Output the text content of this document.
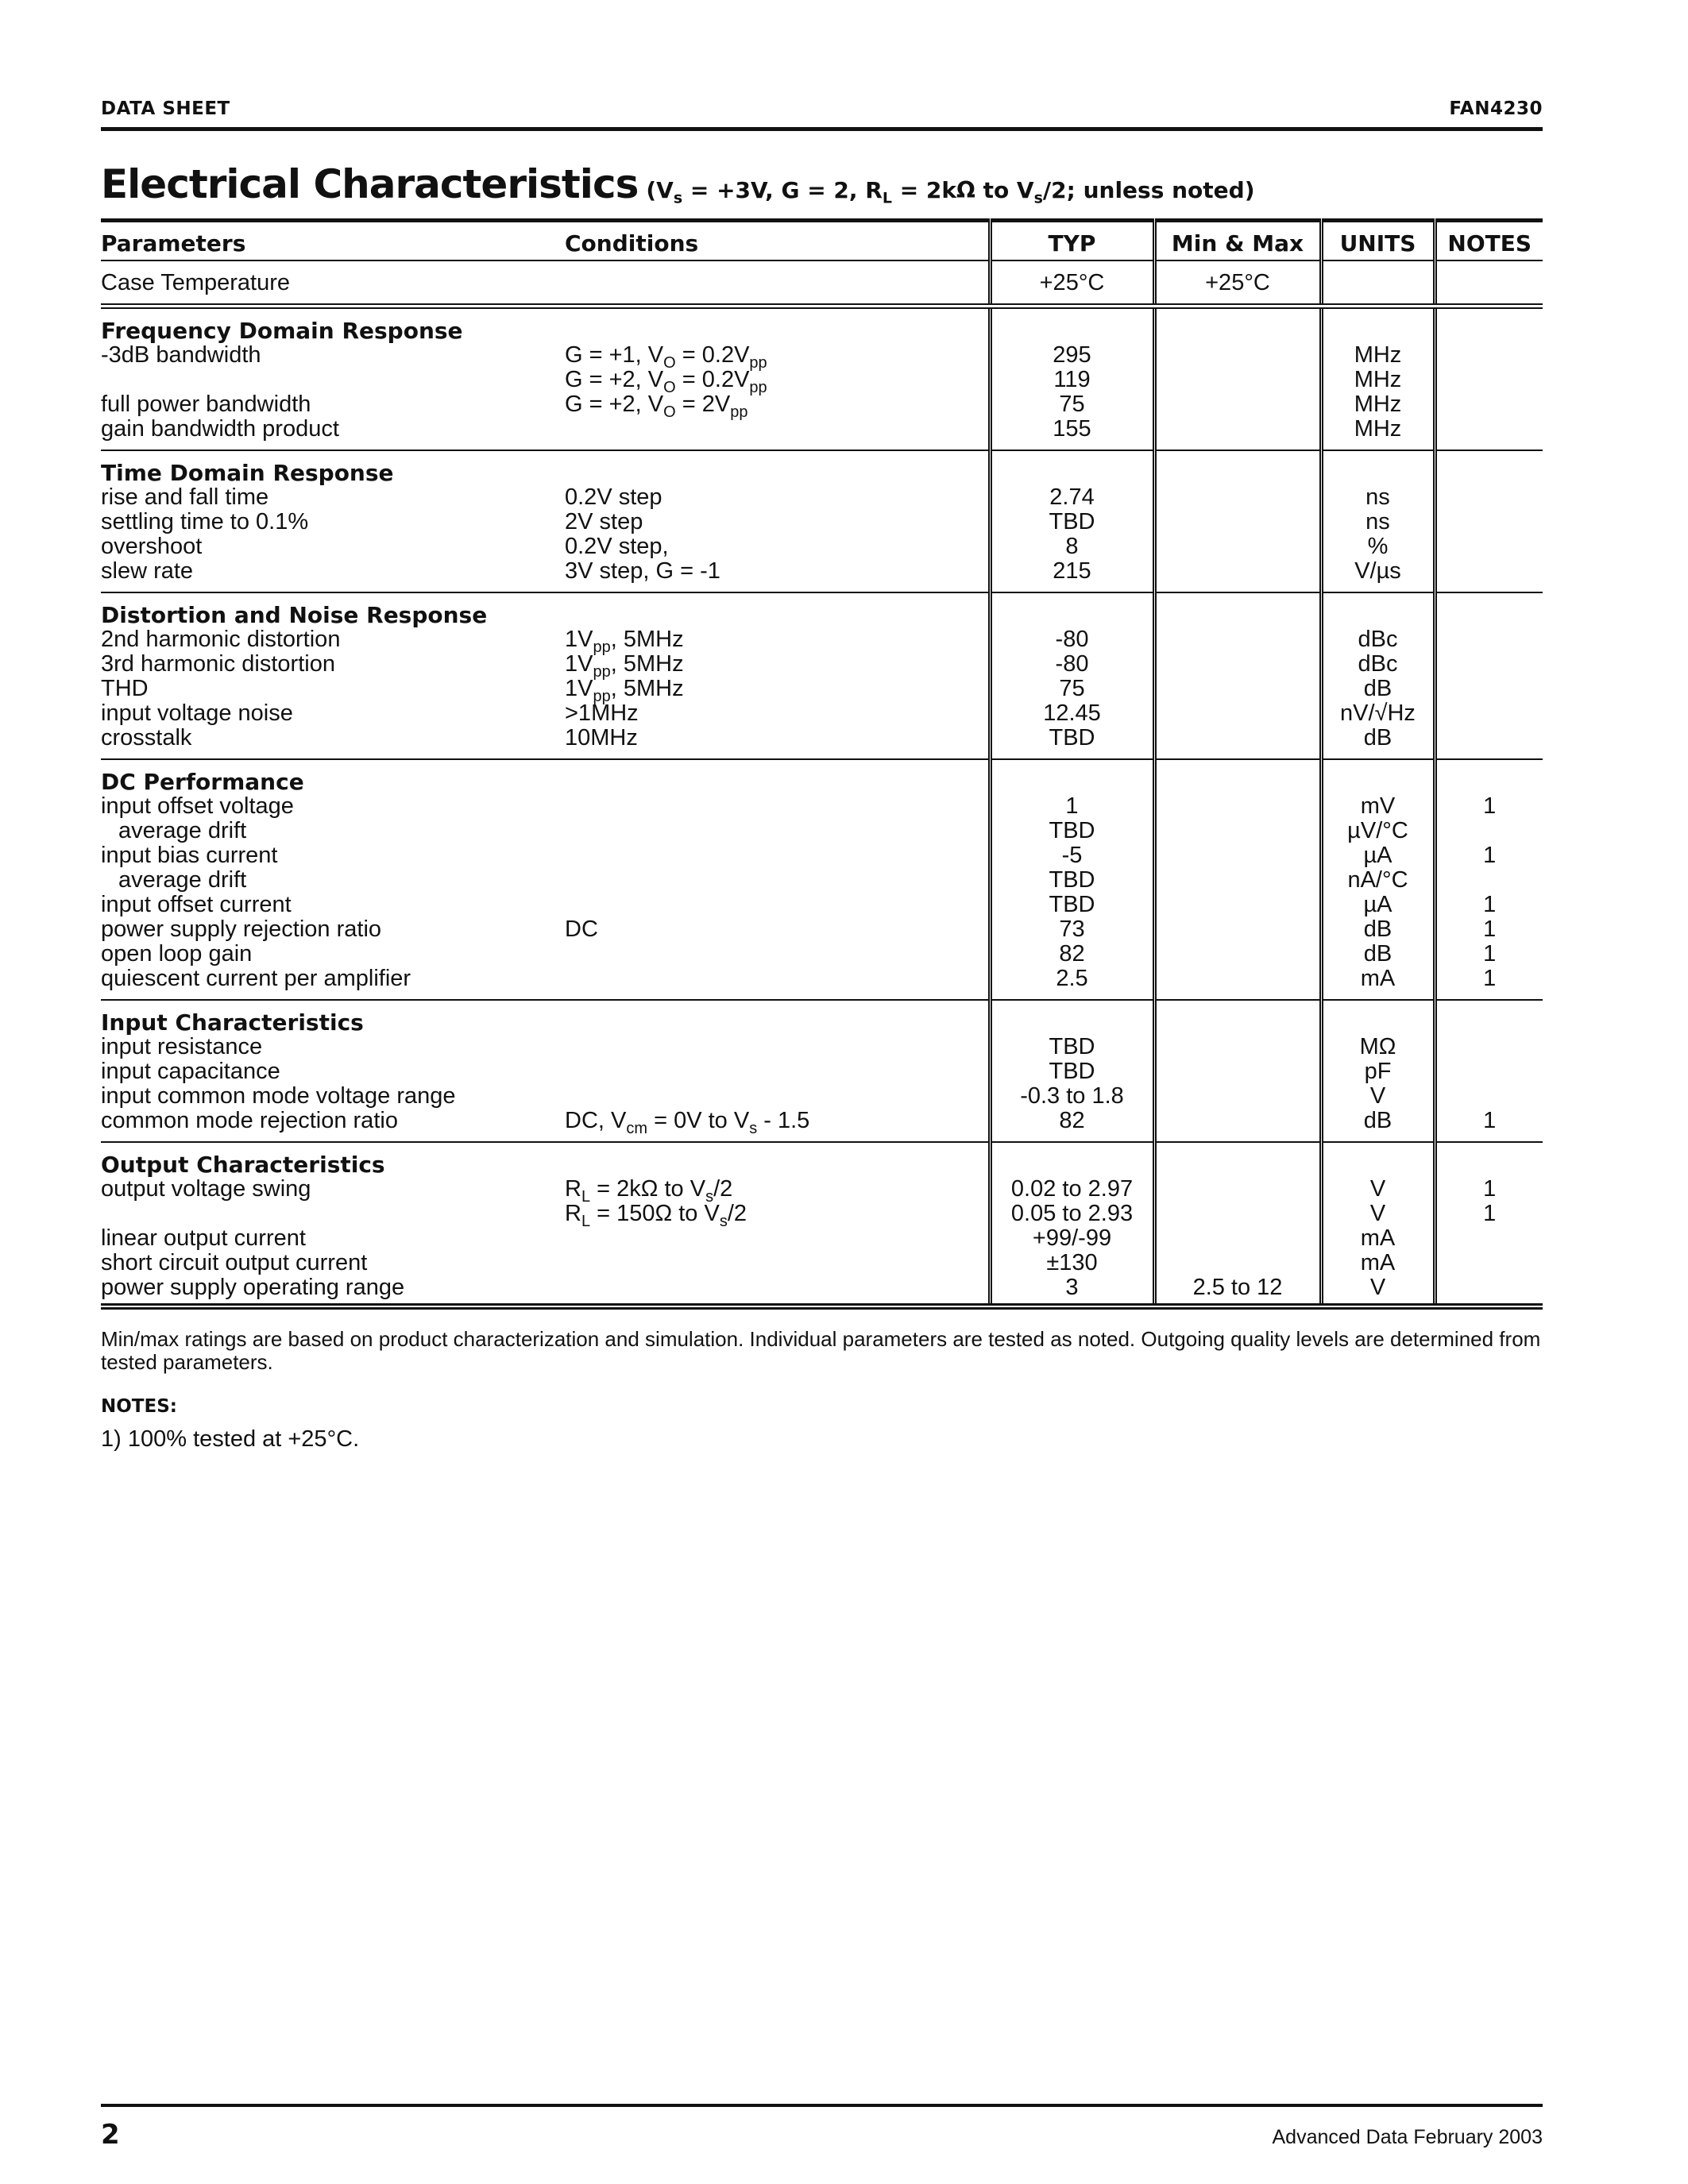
DATA SHEET	FAN4230
Electrical Characteristics ($V_s = +3V$, G = 2, $R_L = 2k\Omega$ to $V_s/2$; unless noted)
Parameters	Conditions	TYP	Min & Max	UNITS	NOTES
Case Temperature		+25°C	+25°C		
Frequency Domain Response					
-3dB bandwidth	G = +1, $V_O = 0.2V_{pp}$	295		MHz	
	G = +2, $V_O = 0.2V_{pp}$	119		MHz	
full power bandwidth	G = +2, $V_O = 2V_{pp}$	75		MHz	
gain bandwidth product		155		MHz	
Time Domain Response					
rise and fall time	0.2V step	2.74		ns	
settling time to 0.1%	2V step	TBD		ns	
overshoot	0.2V step,	8		%	
slew rate	3V step, G = -1	215		V/µs	
Distortion and Noise Response					
2nd harmonic distortion	$1V_{pp}$, 5MHz	-80		dBc	
3rd harmonic distortion	$1V_{pp}$, 5MHz	-80		dBc	
THD	$1V_{pp}$, 5MHz	75		dB	
input voltage noise	>1MHz	12.45		nV/√Hz	
crosstalk	10MHz	TBD		dB	
DC Performance					
input offset voltage		1		mV	1
average drift		TBD		µV/°C	
input bias current		-5		µA	1
average drift		TBD		nA/°C	
input offset current		TBD		µA	1
power supply rejection ratio	DC	73		dB	1
open loop gain		82		dB	1
quiescent current per amplifier		2.5		mA	1
Input Characteristics					
input resistance		TBD		MΩ	
input capacitance		TBD		pF	
input common mode voltage range		-0.3 to 1.8		V	
common mode rejection ratio	DC, $V_{cm} = 0V$ to $V_s - 1.5$	82		dB	1
Output Characteristics					
output voltage swing	$R_L = 2k\Omega$ to $V_s/2$	0.02 to 2.97		V	1
	$R_L = 150\Omega$ to $V_s/2$	0.05 to 2.93		V	1
linear output current		+99/-99		mA	
short circuit output current		±130		mA	
power supply operating range		3	2.5 to 12	V	
Min/max ratings are based on product characterization and simulation. Individual parameters are tested as noted. Outgoing quality levels are determined from tested parameters.
NOTES:
1) 100% tested at +25°C.
2	Advanced Data February 2003
